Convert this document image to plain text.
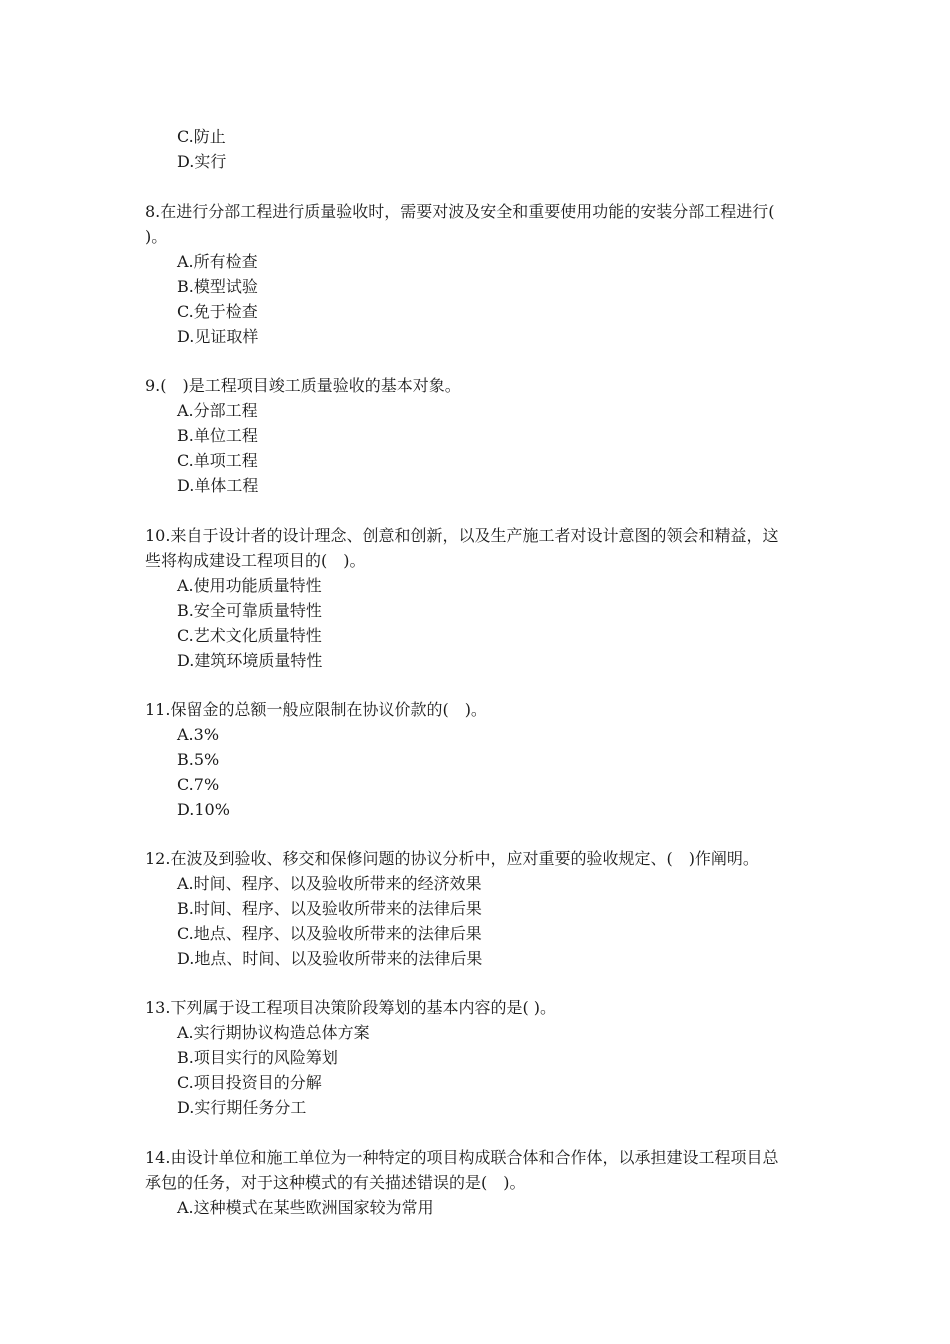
C.防止
D.实行
8.在进行分部工程进行质量验收时，需要对波及安全和重要使用功能的安装分部工程进行(
)。
A.所有检查
B.模型试验
C.免于检查
D.见证取样
9.(　)是工程项目竣工质量验收的基本对象。
A.分部工程
B.单位工程
C.单项工程
D.单体工程
10.来自于设计者的设计理念、创意和创新，以及生产施工者对设计意图的领会和精益，这
些将构成建设工程项目的(　)。
A.使用功能质量特性
B.安全可靠质量特性
C.艺术文化质量特性
D.建筑环境质量特性
11.保留金的总额一般应限制在协议价款的(　)。
A.3%
B.5%
C.7%
D.10%
12.在波及到验收、移交和保修问题的协议分析中，应对重要的验收规定、(　)作阐明。
A.时间、程序、以及验收所带来的经济效果
B.时间、程序、以及验收所带来的法律后果
C.地点、程序、以及验收所带来的法律后果
D.地点、时间、以及验收所带来的法律后果
13.下列属于设工程项目决策阶段筹划的基本内容的是( )。
A.实行期协议构造总体方案
B.项目实行的风险筹划
C.项目投资目的分解
D.实行期任务分工
14.由设计单位和施工单位为一种特定的项目构成联合体和合作体，以承担建设工程项目总
承包的任务，对于这种模式的有关描述错误的是(　)。
A.这种模式在某些欧洲国家较为常用
